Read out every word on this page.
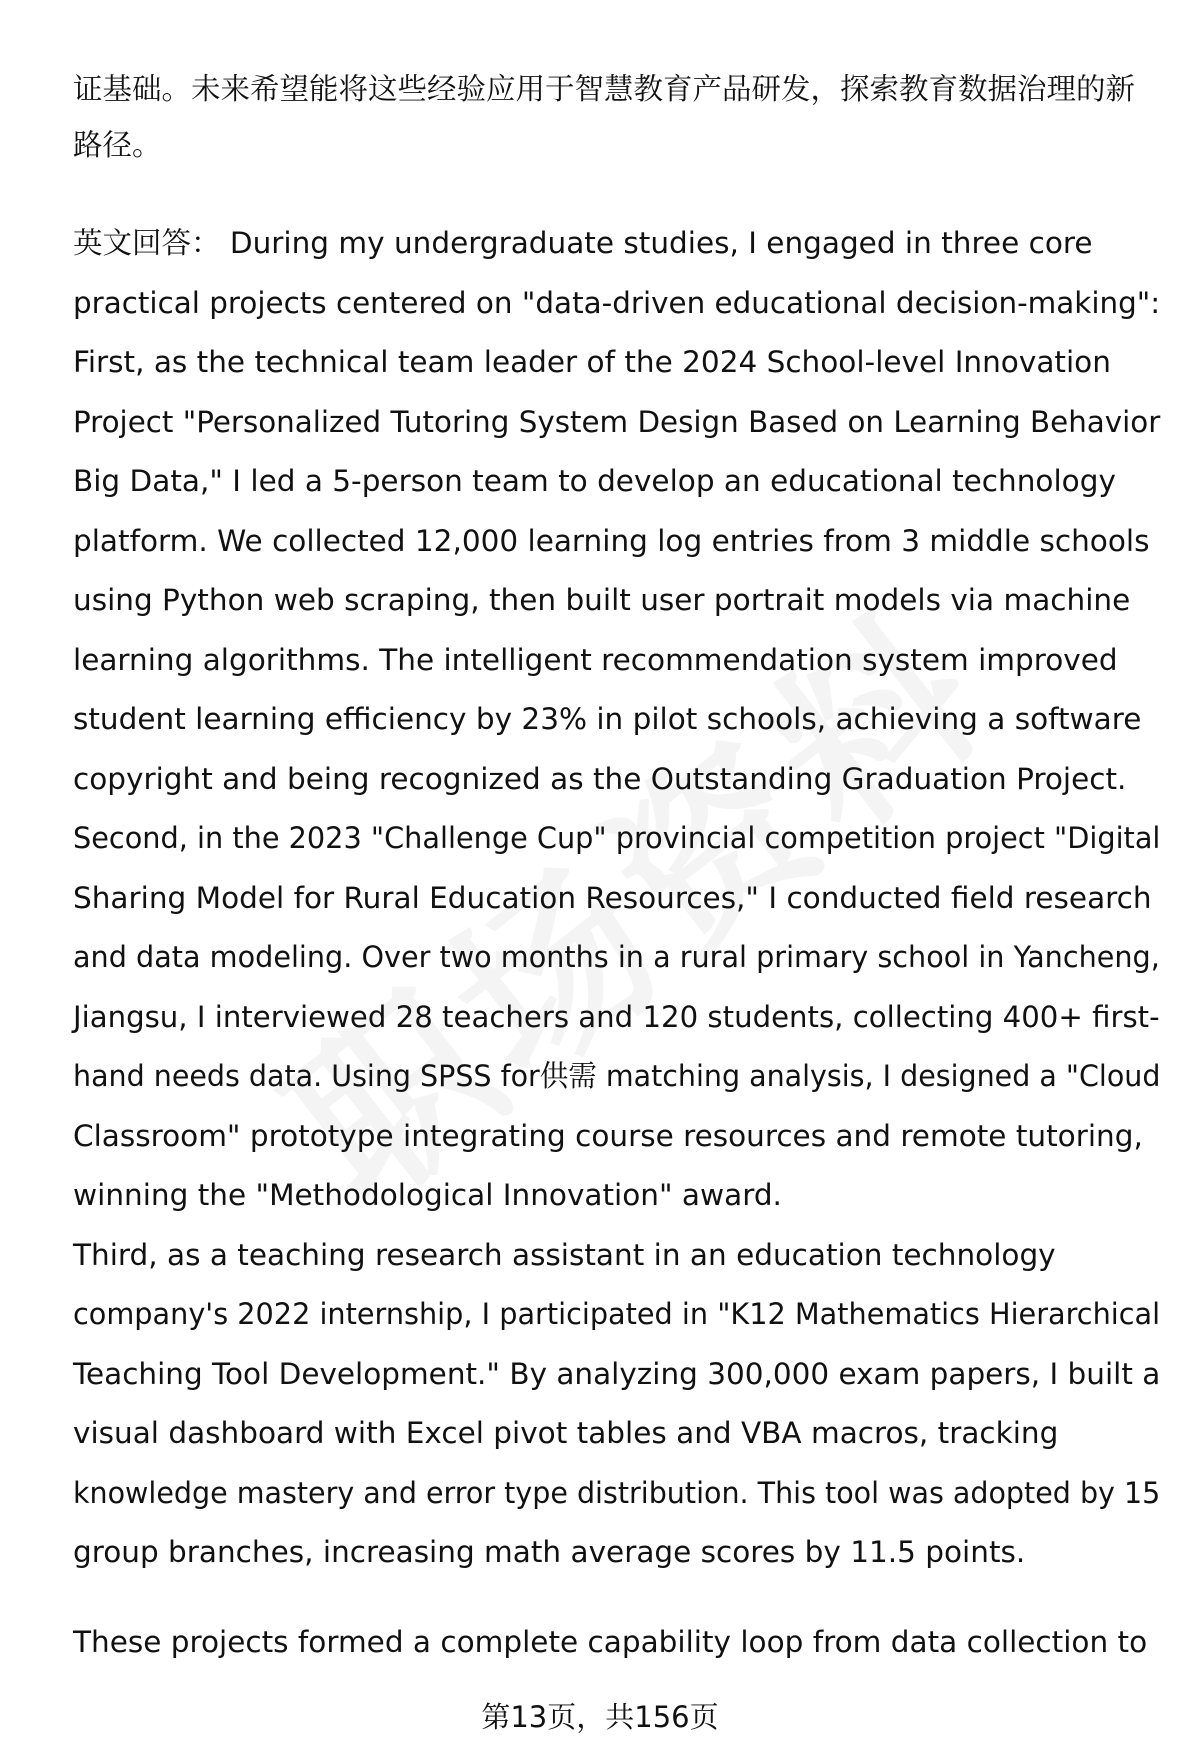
证基础。未来希望能将这些经验应用于智慧教育产品研发，探索教育数据治理的新
路径。
英文回答： During my undergraduate studies, I engaged in three core
practical projects centered on "data-driven educational decision-making":
First, as the technical team leader of the 2024 School-level Innovation
Project "Personalized Tutoring System Design Based on Learning Behavior
Big Data," I led a 5-person team to develop an educational technology
platform. We collected 12,000 learning log entries from 3 middle schools
using Python web scraping, then built user portrait models via machine
learning algorithms. The intelligent recommendation system improved
student learning efficiency by 23% in pilot schools, achieving a software
copyright and being recognized as the Outstanding Graduation Project.
Second, in the 2023 "Challenge Cup" provincial competition project "Digital
Sharing Model for Rural Education Resources," I conducted field research
and data modeling. Over two months in a rural primary school in Yancheng,
Jiangsu, I interviewed 28 teachers and 120 students, collecting 400+ first-
hand needs data. Using SPSS for供需 matching analysis, I designed a "Cloud
Classroom" prototype integrating course resources and remote tutoring,
winning the "Methodological Innovation" award.
Third, as a teaching research assistant in an education technology
company's 2022 internship, I participated in "K12 Mathematics Hierarchical
Teaching Tool Development." By analyzing 300,000 exam papers, I built a
visual dashboard with Excel pivot tables and VBA macros, tracking
knowledge mastery and error type distribution. This tool was adopted by 15
group branches, increasing math average scores by 11.5 points.
These projects formed a complete capability loop from data collection to
第13页，共156页
